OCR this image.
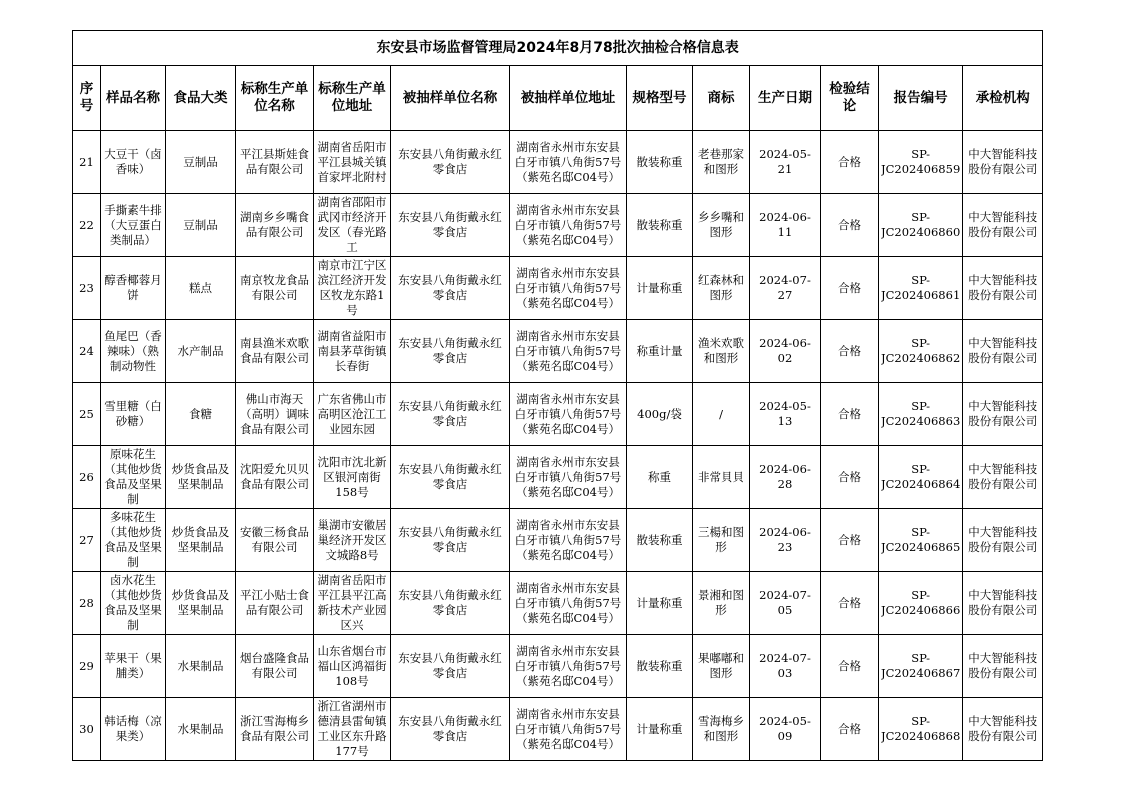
东安县市场监督管理局2024年8月78批次抽检合格信息表												
序号	样品名称	食品大类	标称生产单位名称	标称生产单位地址	被抽样单位名称	被抽样单位地址	规格型号	商标	生产日期	检验结论	报告编号	承检机构

21	大豆干（卤香味）	豆制品	平江县斯娃食品有限公司	湖南省岳阳市平江县城关镇首家坪北附村	东安县八角街戴永红零食店	湖南省永州市东安县白牙市镇八角街57号（紫苑名邸C04号）	散装称重	老巷那家和图形	2024-05-21	合格	SP-JC202406859	中大智能科技股份有限公司

22	手撕素牛排（大豆蛋白类制品）	豆制品	湖南乡乡嘴食品有限公司	湖南省邵阳市武冈市经济开发区（春光路工	东安县八角街戴永红零食店	湖南省永州市东安县白牙市镇八角街57号（紫苑名邸C04号）	散装称重	乡乡嘴和图形	2024-06-11	合格	SP-JC202406860	中大智能科技股份有限公司

23	醇香椰蓉月饼	糕点	南京牧龙食品有限公司	南京市江宁区滨江经济开发区牧龙东路1号	东安县八角街戴永红零食店	湖南省永州市东安县白牙市镇八角街57号（紫苑名邸C04号）	计量称重	红森林和图形	2024-07-27	合格	SP-JC202406861	中大智能科技股份有限公司

24	鱼尾巴（香辣味）（熟制动物性	水产制品	南县渔米欢歌食品有限公司	湖南省益阳市南县茅草街镇长春街	东安县八角街戴永红零食店	湖南省永州市东安县白牙市镇八角街57号（紫苑名邸C04号）	称重计量	渔米欢歌和图形	2024-06-02	合格	SP-JC202406862	中大智能科技股份有限公司

25	雪里糖（白砂糖）	食糖	佛山市海天（高明）调味食品有限公司	广东省佛山市高明区沧江工业园东园	东安县八角街戴永红零食店	湖南省永州市东安县白牙市镇八角街57号（紫苑名邸C04号）	400g/袋	/	2024-05-13	合格	SP-JC202406863	中大智能科技股份有限公司

26	原味花生（其他炒货食品及坚果制	炒货食品及坚果制品	沈阳爱允贝贝食品有限公司	沈阳市沈北新区银河南街158号	东安县八角街戴永红零食店	湖南省永州市东安县白牙市镇八角街57号（紫苑名邸C04号）	称重	非常貝貝	2024-06-28	合格	SP-JC202406864	中大智能科技股份有限公司

27	多味花生（其他炒货食品及坚果制	炒货食品及坚果制品	安徽三杨食品有限公司	巢湖市安徽居巢经济开发区文城路8号	东安县八角街戴永红零食店	湖南省永州市东安县白牙市镇八角街57号（紫苑名邸C04号）	散装称重	三楊和图形	2024-06-23	合格	SP-JC202406865	中大智能科技股份有限公司

28	卤水花生（其他炒货食品及坚果制	炒货食品及坚果制品	平江小贴士食品有限公司	湖南省岳阳市平江县平江高新技术产业园区兴	东安县八角街戴永红零食店	湖南省永州市东安县白牙市镇八角街57号（紫苑名邸C04号）	计量称重	景湘和图形	2024-07-05	合格	SP-JC202406866	中大智能科技股份有限公司

29	苹果干（果脯类）	水果制品	烟台盛隆食品有限公司	山东省烟台市福山区鸿福街108号	东安县八角街戴永红零食店	湖南省永州市东安县白牙市镇八角街57号（紫苑名邸C04号）	散装称重	果嘟嘟和图形	2024-07-03	合格	SP-JC202406867	中大智能科技股份有限公司

30	韩话梅（凉果类）	水果制品	浙江雪海梅乡食品有限公司	浙江省湖州市德清县雷甸镇工业区东升路177号	东安县八角街戴永红零食店	湖南省永州市东安县白牙市镇八角街57号（紫苑名邸C04号）	计量称重	雪海梅乡和图形	2024-05-09	合格	SP-JC202406868	中大智能科技股份有限公司
